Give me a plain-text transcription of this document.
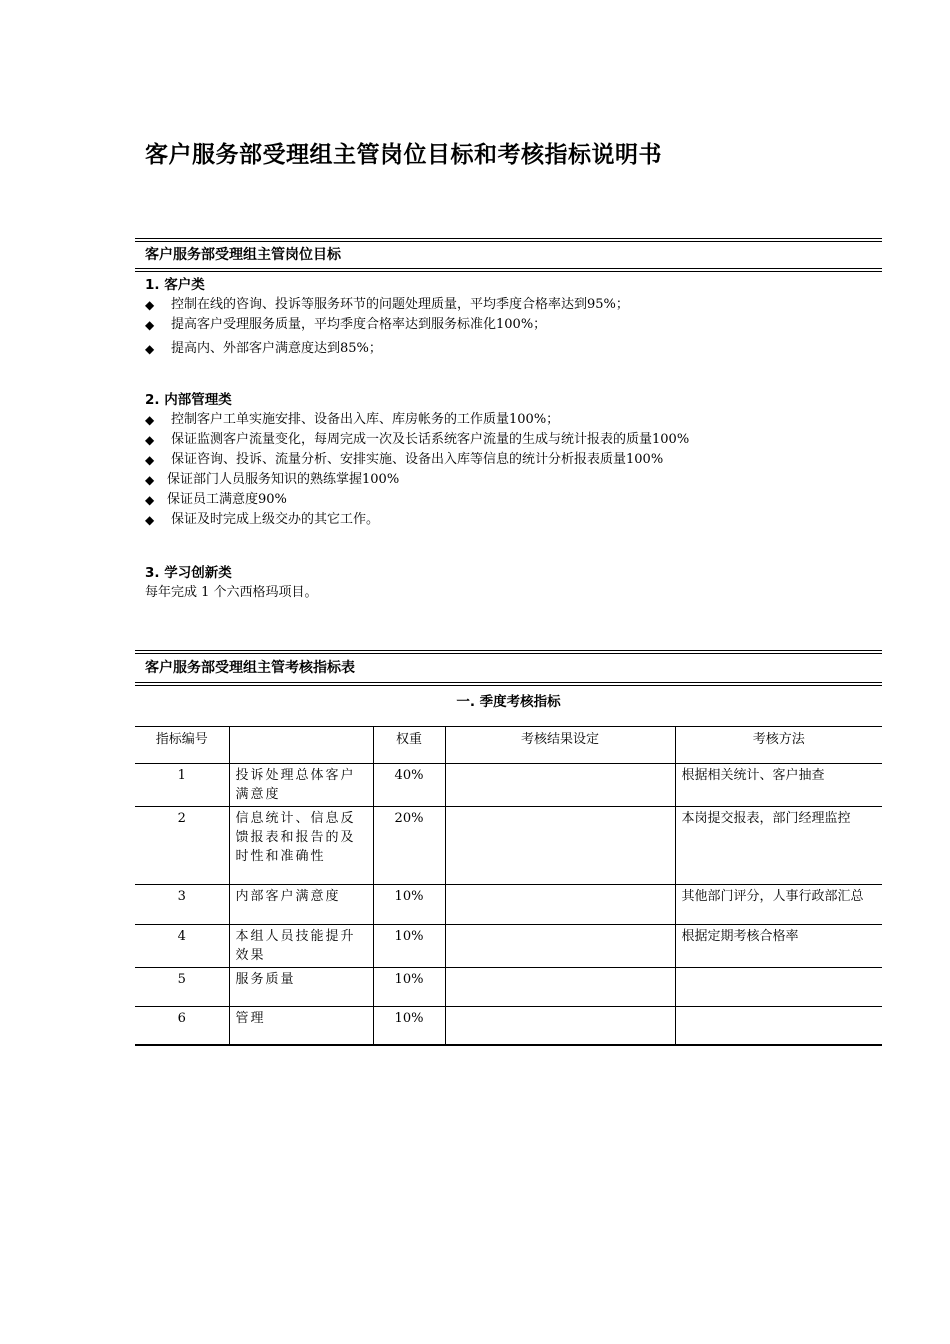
客户服务部受理组主管岗位目标和考核指标说明书
客户服务部受理组主管岗位目标
1. 客户类
◆	控制在线的咨询、投诉等服务环节的问题处理质量，平均季度合格率达到95%；
◆	提高客户受理服务质量，平均季度合格率达到服务标准化100%；
◆	提高内、外部客户满意度达到85%；
2. 内部管理类
◆	控制客户工单实施安排、设备出入库、库房帐务的工作质量100%；
◆	保证监测客户流量变化，每周完成一次及长话系统客户流量的生成与统计报表的质量100%
◆	保证咨询、投诉、流量分析、安排实施、设备出入库等信息的统计分析报表质量100%
◆ 保证部门人员服务知识的熟练掌握100%
◆ 保证员工满意度90%
◆	保证及时完成上级交办的其它工作。
3. 学习创新类
每年完成 1 个六西格玛项目。
客户服务部受理组主管考核指标表
一. 季度考核指标
指标编号		权重	考核结果设定	考核方法
1	投诉处理总体客户满意度	40%		根据相关统计、客户抽查
2	信息统计、信息反馈报表和报告的及时性和准确性	20%		本岗提交报表，部门经理监控
3	内部客户满意度	10%		其他部门评分，人事行政部汇总
4	本组人员技能提升效果	10%		根据定期考核合格率
5	服务质量	10%		
6	管理	10%		
